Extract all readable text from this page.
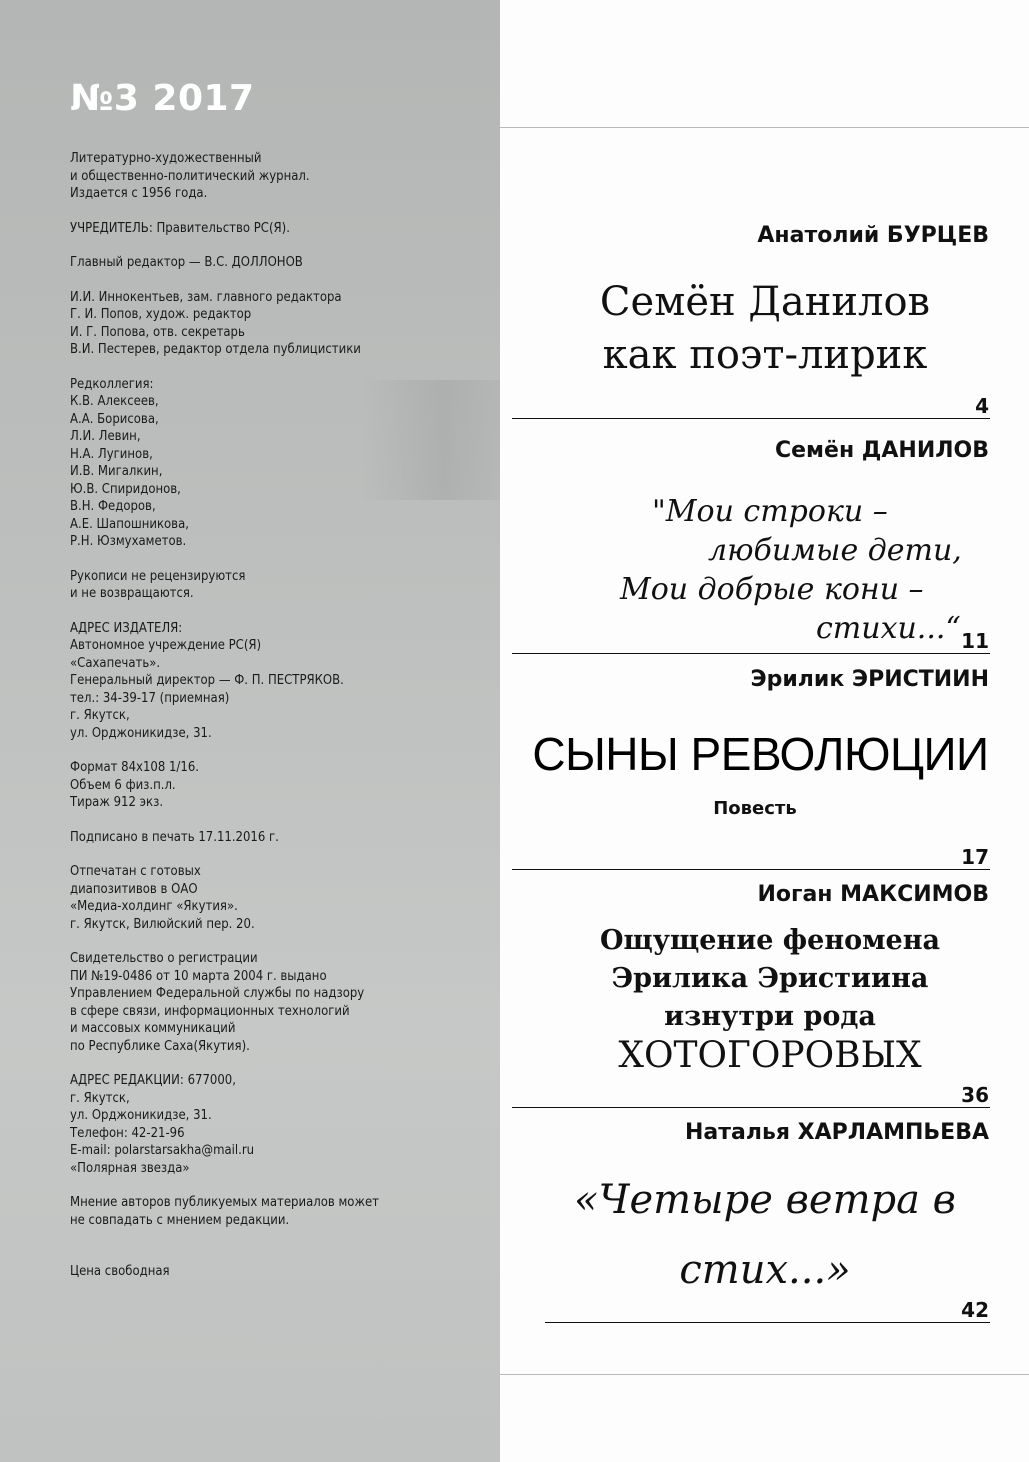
№3 2017

Литературно-художественный
и общественно-политический журнал.
Издается с 1956 года.

УЧРЕДИТЕЛЬ: Правительство РС(Я).

Главный редактор — В.С. ДОЛЛОНОВ

И.И. Иннокентьев, зам. главного редактора
Г. И. Попов, худож. редактор
И. Г. Попова, отв. секретарь
В.И. Пестерев, редактор отдела публицистики

Редколлегия:
К.В. Алексеев,
А.А. Борисова,
Л.И. Левин,
Н.А. Лугинов,
И.В. Мигалкин,
Ю.В. Спиридонов,
В.Н. Федоров,
А.Е. Шапошникова,
Р.Н. Юзмухаметов.

Рукописи не рецензируются
и не возвращаются.

АДРЕС ИЗДАТЕЛЯ:
Автономное учреждение РС(Я)
«Сахапечать».
Генеральный директор — Ф. П. ПЕСТРЯКОВ.
тел.: 34-39-17 (приемная)
г. Якутск,
ул. Орджоникидзе, 31.

Формат 84х108 1/16.
Объем 6 физ.п.л.
Тираж 912 экз.

Подписано в печать 17.11.2016 г.

Отпечатан с готовых
диапозитивов в ОАО
«Медиа-холдинг «Якутия».
г. Якутск, Вилюйский пер. 20.

Свидетельство о регистрации
ПИ №19-0486 от 10 марта 2004 г. выдано
Управлением Федеральной службы по надзору
в сфере связи, информационных технологий
и массовых коммуникаций
по Республике Саха(Якутия).

АДРЕС РЕДАКЦИИ: 677000,
г. Якутск,
ул. Орджоникидзе, 31.
Телефон: 42-21-96
E-mail: polarstarsakha@mail.ru
«Полярная звезда»

Мнение авторов публикуемых материалов может
не совпадать с мнением редакции.

Цена свободная

Анатолий БУРЦЕВ
Семён Данилов
как поэт-лирик
4
Семён ДАНИЛОВ
"Мои строки –
любимые дети,
Мои добрые кони –
стихи...“ 11
Эрилик ЭРИСТИИН
СЫНЫ РЕВОЛЮЦИИ
Повесть
17
Иоган МАКСИМОВ
Ощущение феномена
Эрилика Эристиина
изнутри рода
ХОТОГОРОВЫХ
36
Наталья ХАРЛАМПЬЕВА
«Четыре ветра в
стих...»
42
